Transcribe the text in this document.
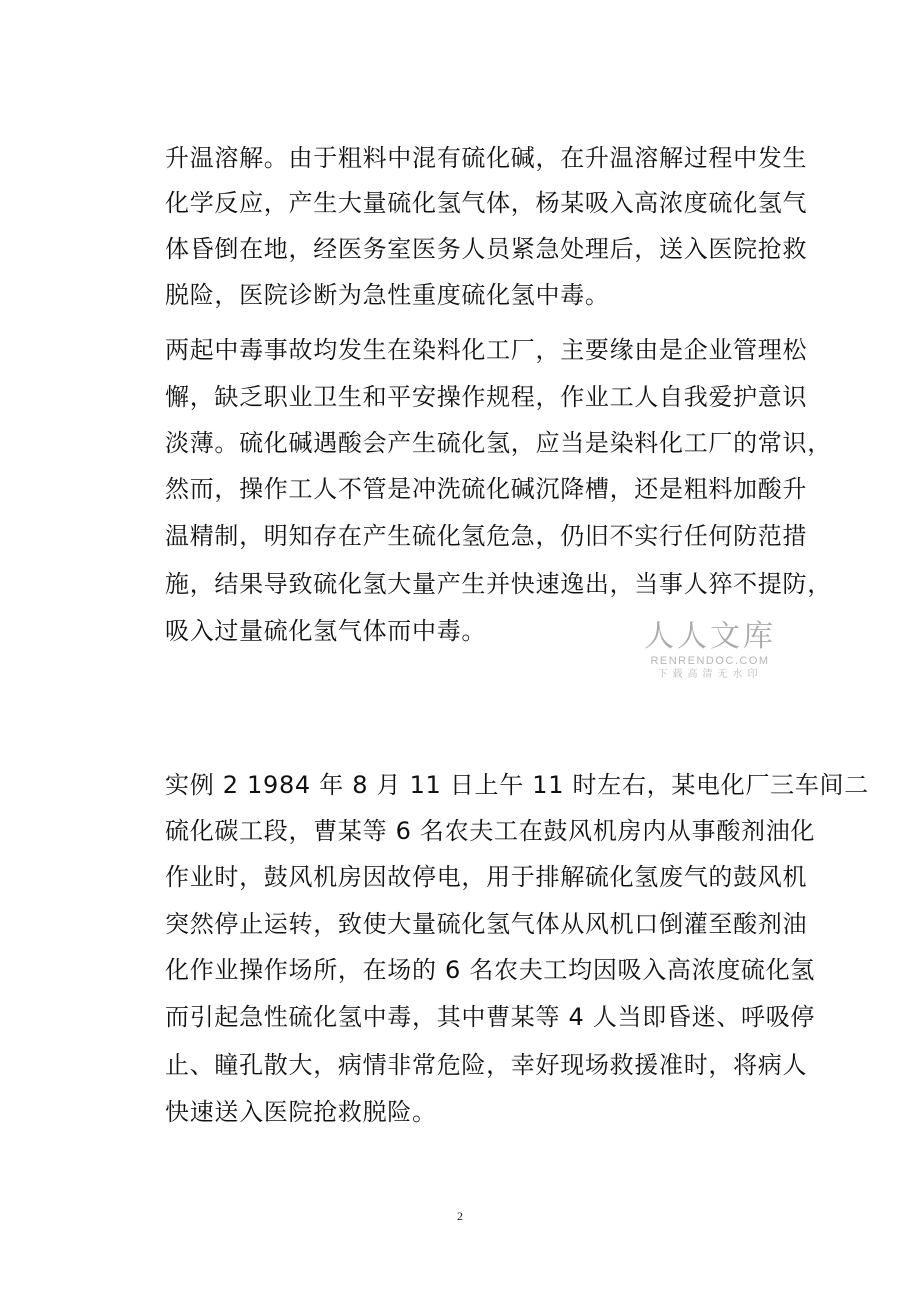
升温溶解。由于粗料中混有硫化碱，在升温溶解过程中发生
化学反应，产生大量硫化氢气体，杨某吸入高浓度硫化氢气
体昏倒在地，经医务室医务人员紧急处理后，送入医院抢救
脱险，医院诊断为急性重度硫化氢中毒。
两起中毒事故均发生在染料化工厂，主要缘由是企业管理松
懈，缺乏职业卫生和平安操作规程，作业工人自我爱护意识
淡薄。硫化碱遇酸会产生硫化氢，应当是染料化工厂的常识，
然而，操作工人不管是冲洗硫化碱沉降槽，还是粗料加酸升
温精制，明知存在产生硫化氢危急，仍旧不实行任何防范措
施，结果导致硫化氢大量产生并快速逸出，当事人猝不提防，
吸入过量硫化氢气体而中毒。	人人文库
RENRENDOC.COM
下载高清无水印
实例 2 1984 年 8 月 11 日上午 11 时左右，某电化厂三车间二
硫化碳工段，曹某等 6 名农夫工在鼓风机房内从事酸剂油化
作业时，鼓风机房因故停电，用于排解硫化氢废气的鼓风机
突然停止运转，致使大量硫化氢气体从风机口倒灌至酸剂油
化作业操作场所，在场的 6 名农夫工均因吸入高浓度硫化氢
而引起急性硫化氢中毒，其中曹某等 4 人当即昏迷、呼吸停
止、瞳孔散大，病情非常危险，幸好现场救援准时，将病人
快速送入医院抢救脱险。
2
